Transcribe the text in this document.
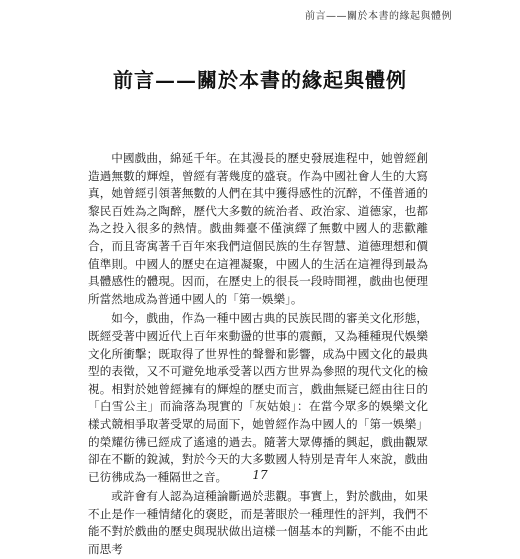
前言——關於本書的緣起與體例
前言——關於本書的緣起與體例

中國戲曲，綿延千年。在其漫長的歷史發展進程中，她曾經創造過無數的輝煌，曾經有著幾度的盛衰。作為中國社會人生的大寫真，她曾經引領著無數的人們在其中獲得感性的沉醉，不僅普通的黎民百姓為之陶醉，歷代大多數的統治者、政治家、道德家，也都為之投入很多的熱情。戲曲舞臺不僅演繹了無數中國人的悲歡離合，而且寄寓著千百年來我們這個民族的生存智慧、道德理想和價值準則。中國人的歷史在這裡凝聚，中國人的生活在這裡得到最為具體感性的體現。因而，在歷史上的很長一段時間裡，戲曲也便理所當然地成為普通中國人的「第一娛樂」。

如今，戲曲，作為一種中國古典的民族民間的審美文化形態，既經受著中國近代上百年來動盪的世事的震顫，又為種種現代娛樂文化所衝擊；既取得了世界性的聲譽和影響，成為中國文化的最典型的表徵，又不可避免地承受著以西方世界為參照的現代文化的檢視。相對於她曾經擁有的輝煌的歷史而言，戲曲無疑已經由往日的「白雪公主」而淪落為現實的「灰姑娘」：在當今眾多的娛樂文化樣式競相爭取著受眾的局面下，她曾經作為中國人的「第一娛樂」的榮耀彷彿已經成了遙遠的過去。隨著大眾傳播的興起，戲曲觀眾卻在不斷的銳減，對於今天的大多數國人特別是青年人來說，戲曲已彷彿成為一種隔世之音。

或許會有人認為這種論斷過於悲觀。事實上，對於戲曲，如果不止是作一種情緒化的褒貶，而是著眼於一種理性的評判，我們不能不對於戲曲的歷史與現狀做出這樣一個基本的判斷，不能不由此而思考

17
